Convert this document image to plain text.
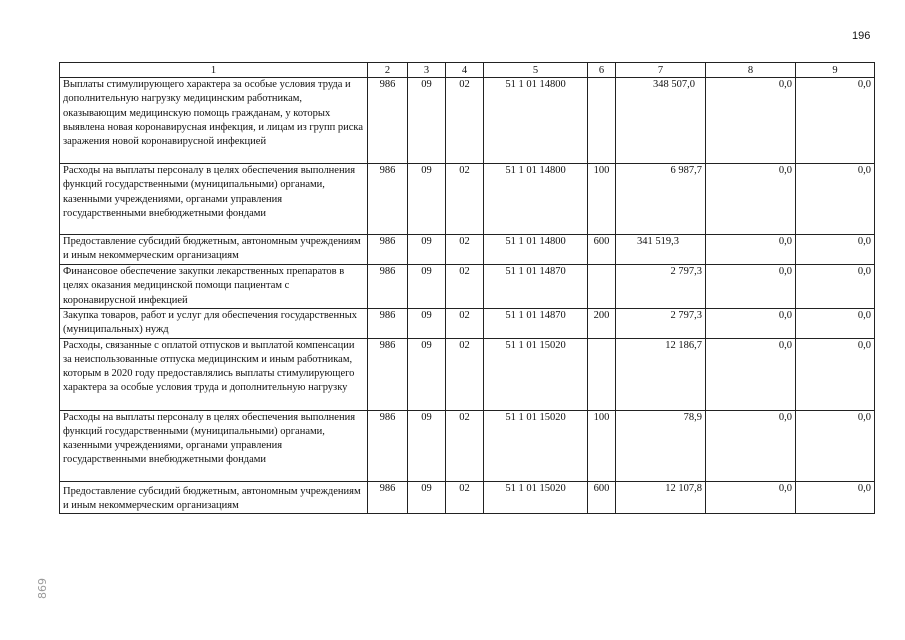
196
1	2	3	4	5	6	7	8	9
Выплаты стимулирующего характера за особые условия труда и дополнительную нагрузку медицинским работникам, оказывающим медицинскую помощь гражданам, у которых выявлена новая коронавирусная инфекция, и лицам из групп риска заражения новой коронавирусной инфекцией	986	09	02	51 1 01 14800		348 507,0	0,0	0,0
Расходы на выплаты персоналу в целях обеспечения выполнения функций государственными (муниципальными) органами, казенными учреждениями, органами управления государственными внебюджетными фондами	986	09	02	51 1 01 14800	100	6 987,7	0,0	0,0
Предоставление субсидий бюджетным, автономным учреждениям и иным некоммерческим организациям	986	09	02	51 1 01 14800	600	341 519,3	0,0	0,0
Финансовое обеспечение закупки лекарственных препаратов в целях оказания медицинской помощи пациентам с коронавирусной инфекцией	986	09	02	51 1 01 14870		2 797,3	0,0	0,0
Закупка товаров, работ и услуг для обеспечения государственных (муниципальных) нужд	986	09	02	51 1 01 14870	200	2 797,3	0,0	0,0
Расходы, связанные с оплатой отпусков и выплатой компенсации за неиспользованные отпуска медицинским и иным работникам, которым в 2020 году предоставлялись выплаты стимулирующего характера за особые условия труда и дополнительную нагрузку	986	09	02	51 1 01 15020		12 186,7	0,0	0,0
Расходы на выплаты персоналу в целях обеспечения выполнения функций государственными (муниципальными) органами, казенными учреждениями, органами управления государственными внебюджетными фондами	986	09	02	51 1 01 15020	100	78,9	0,0	0,0
Предоставление субсидий бюджетным, автономным учреждениям и иным некоммерческим организациям	986	09	02	51 1 01 15020	600	12 107,8	0,0	0,0
869
